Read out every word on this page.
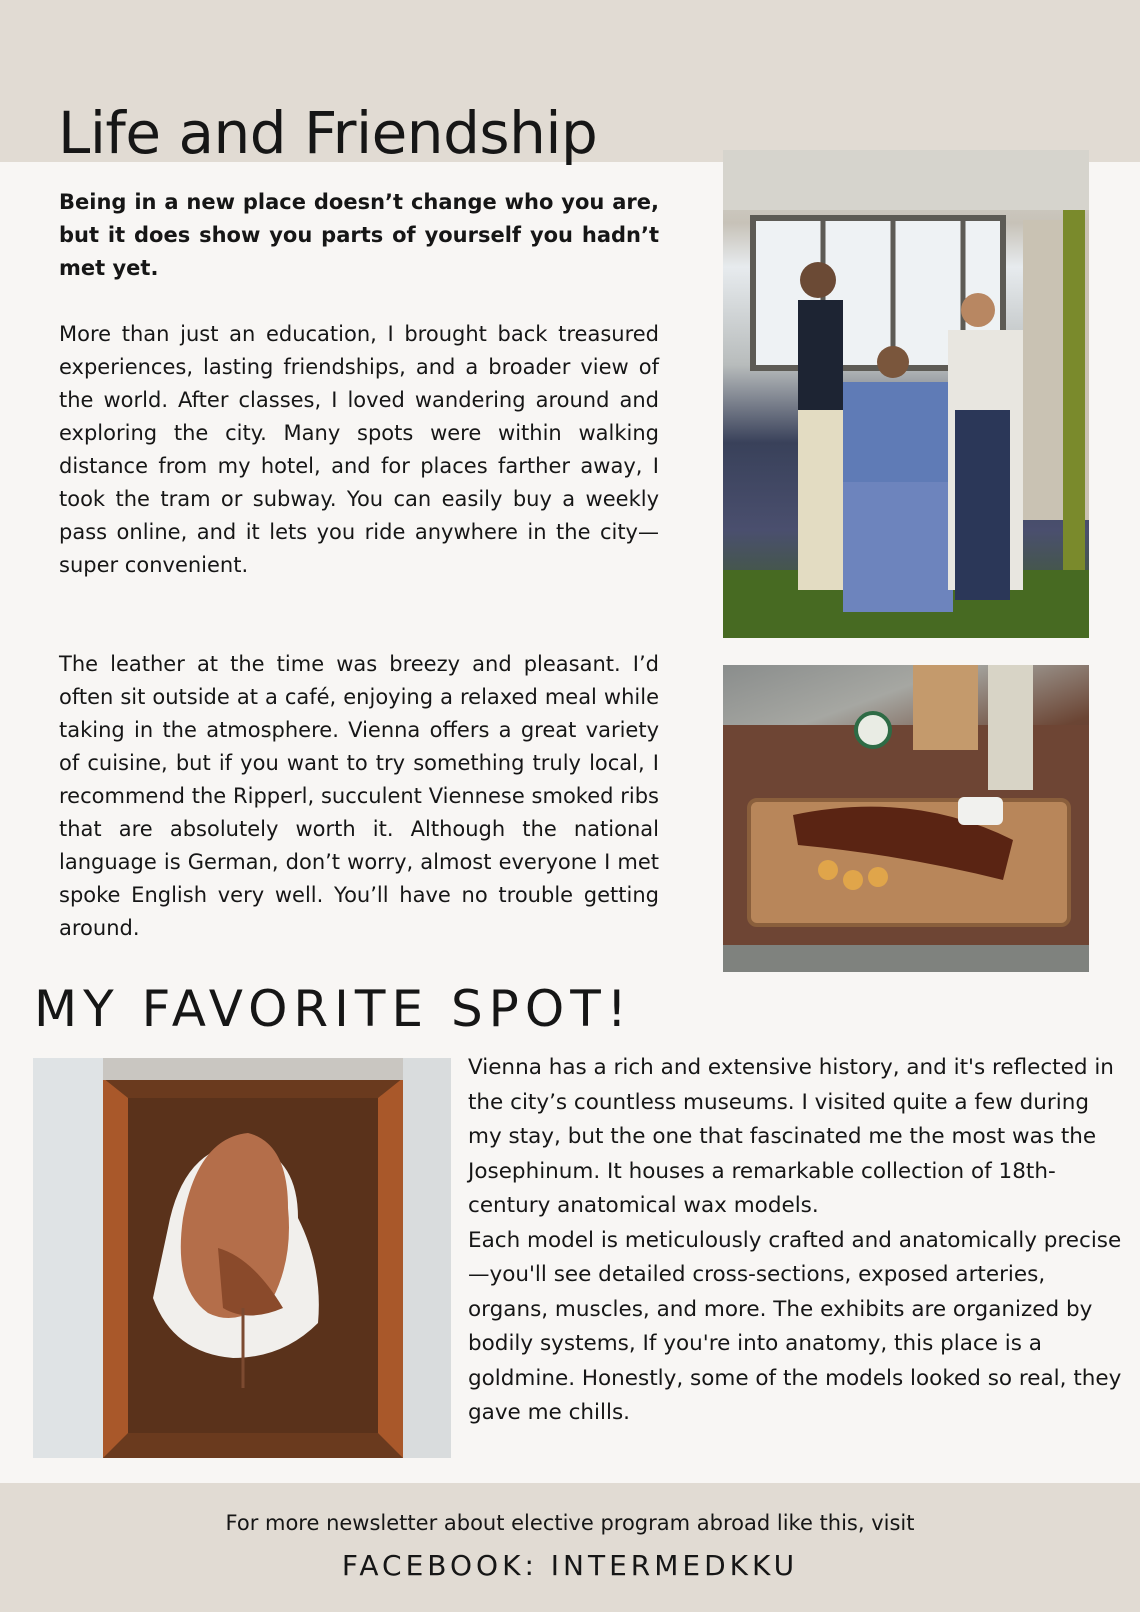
Life and Friendship

Being in a new place doesn’t change who you are, but it does show you parts of yourself you hadn’t met yet.

More than just an education, I brought back treasured experiences, lasting friendships, and a broader view of the world. After classes, I loved wandering around and exploring the city. Many spots were within walking distance from my hotel, and for places farther away, I took the tram or subway. You can easily buy a weekly pass online, and it lets you ride anywhere in the city—super convenient.

The leather at the time was breezy and pleasant. I’d often sit outside at a café, enjoying a relaxed meal while taking in the atmosphere. Vienna offers a great variety of cuisine, but if you want to try something truly local, I recommend the Ripperl, succulent Viennese smoked ribs that are absolutely worth it. Although the national language is German, don’t worry, almost everyone I met spoke English very well. You’ll have no trouble getting around.

MY FAVORITE SPOT!

Vienna has a rich and extensive history, and it's reflected in the city’s countless museums. I visited quite a few during my stay, but the one that fascinated me the most was the Josephinum. It houses a remarkable collection of 18th-century anatomical wax models.

Each model is meticulously crafted and anatomically precise—you'll see detailed cross-sections, exposed arteries, organs, muscles, and more. The exhibits are organized by bodily systems, If you're into anatomy, this place is a goldmine. Honestly, some of the models looked so real, they gave me chills.

For more newsletter about elective program abroad like this, visit

FACEBOOK: INTERMEDKKU
